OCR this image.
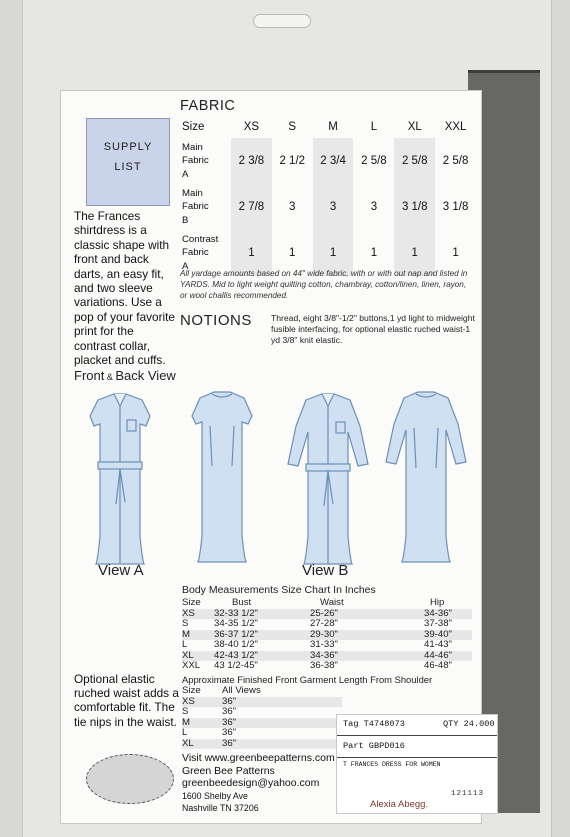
SUPPLY
LIST

The Frances shirtdress is a classic shape with front and back darts, an easy fit, and two sleeve variations. Use a pop of your favorite print for the contrast collar, placket and cuffs.

FABRIC
Size	XS	S	M	L	XL	XXL
Main
Fabric
A	2 3/8	2 1/2	2 3/4	2 5/8	2 5/8	2 5/8
Main
Fabric
B	2 7/8	3	3	3	3 1/8	3 1/8
Contrast
Fabric
A	1	1	1	1	1	1

All yardage amounts based on 44" wide fabric, with or with out nap and listed in YARDS. Mid to light weight quilting cotton, chambray, cotton/linen, linen, rayon, or wool challis recommended.

NOTIONS Thread, eight 3/8"-1/2" buttons,1 yd light to midweight fusible interfacing, for optional elastic ruched waist-1 yd 3/8" knit elastic.

Front & Back View
View A	View B
Body Measurements Size Chart In Inches
Size	Bust	Waist	Hip
XS	32-33 1/2"	25-26"	34-36"
S	34-35 1/2"	27-28"	37-38"
M	36-37 1/2"	29-30"	39-40"
L	38-40 1/2"	31-33"	41-43"
XL	42-43 1/2"	34-36"	44-46"
XXL	43 1/2-45"	36-38"	46-48"
Approximate Finished Front Garment Length From Shoulder
Size	All Views
XS	36"
S	36"
M	36"
L	36"
XL	36"

Optional elastic ruched waist adds a comfortable fit. The tie nips in the waist.

Visit www.greenbeepatterns.com
Green Bee Patterns
greenbeedesign@yahoo.com
1600 Shelby Ave
Nashville TN 37206
Tag T4748073	QTY 24.000
Part GBPD016
T FRANCES DRESS FOR WOMEN
Alexia Abegg.
121113
